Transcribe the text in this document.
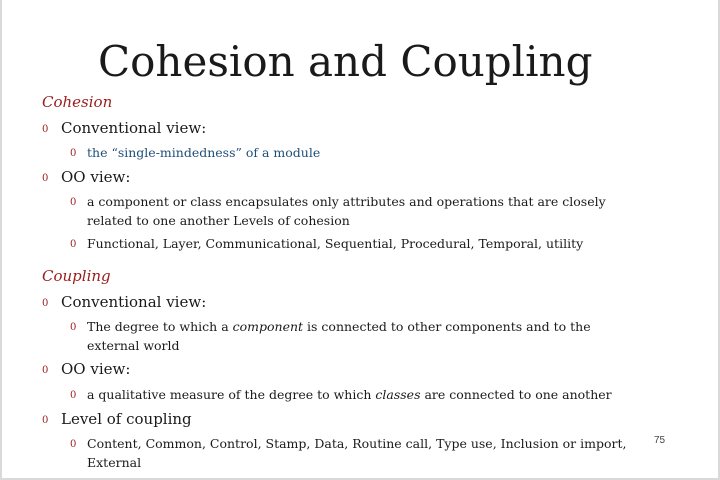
Cohesion and Coupling
Cohesion
0 Conventional view:
0 the “single-mindedness” of a module
0 OO view:
0 a component or class encapsulates only attributes and operations that are closely
related to one another Levels of cohesion
0 Functional, Layer, Communicational, Sequential, Procedural, Temporal, utility
Coupling
0 Conventional view:
0 The degree to which a component is connected to other components and to the
external world
0 OO view:
0 a qualitative measure of the degree to which classes are connected to one another
0 Level of coupling
0 Content, Common, Control, Stamp, Data, Routine call, Type use, Inclusion or import,
External
75
